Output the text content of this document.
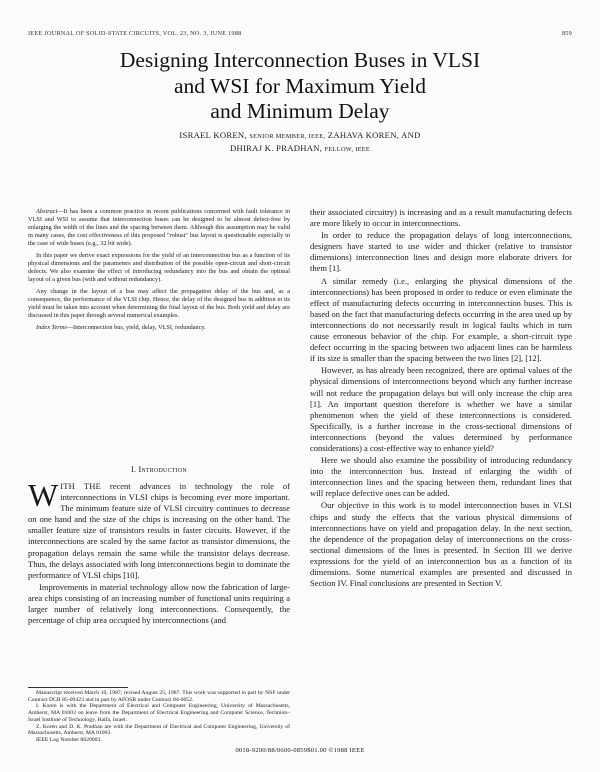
IEEE JOURNAL OF SOLID-STATE CIRCUITS, VOL. 23, NO. 3, JUNE 1988	859
Designing Interconnection Buses in VLSI
and WSI for Maximum Yield
and Minimum Delay
ISRAEL KOREN, SENIOR MEMBER, IEEE, ZAHAVA KOREN, AND
DHIRAJ K. PRADHAN, FELLOW, IEEE

Abstract—It has been a common practice in recent publications concerned with fault tolerance in VLSI and WSI to assume that interconnection buses can be designed to be almost defect-free by enlarging the width of the lines and the spacing between them. Although this assumption may be valid in many cases, the cost effectiveness of this proposed "robust" bus layout is questionable especially in the case of wide buses (e.g., 32 bit wide).

In this paper we derive exact expressions for the yield of an interconnection bus as a function of its physical dimensions and the parameters and distribution of the possible open-circuit and short-circuit defects. We also examine the effect of introducing redundancy into the bus and obtain the optimal layout of a given bus (with and without redundancy).

Any change in the layout of a bus may affect the propagation delay of the bus and, as a consequence, the performance of the VLSI chip. Hence, the delay of the designed bus in addition to its yield must be taken into account when determining the final layout of the bus. Both yield and delay are discussed in this paper through several numerical examples.

Index Terms—Interconnection bus, yield, delay, VLSI, redundancy.

I. Introduction

WITH THE recent advances in technology the role of interconnections in VLSI chips is becoming ever more important. The minimum feature size of VLSI circuitry continues to decrease on one hand and the size of the chips is increasing on the other hand. The smaller feature size of transistors results in faster circuits. However, if the interconnections are scaled by the same factor as transistor dimensions, the propagation delays remain the same while the transistor delays decrease. Thus, the delays associated with long interconnections begin to dominate the performance of VLSI chips [10].

Improvements in material technology allow now the fabrication of large-area chips consisting of an increasing number of functional units requiring a larger number of relatively long interconnections. Consequently, the percentage of chip area occupied by interconnections (and

Manuscript received March 10, 1987; revised August 25, 1987. This work was supported in part by NSF under Contract DCR 85-09423 and in part by AFOSR under Contract 84-0052.

I. Koren is with the Department of Electrical and Computer Engineering, University of Massachusetts, Amherst, MA 01003 on leave from the Department of Electrical Engineering and Computer Science, Technion–Israel Institute of Technology, Haifa, Israel.

Z. Koren and D. K. Pradhan are with the Department of Electrical and Computer Engineering, University of Massachusetts, Amherst, MA 01003.

IEEE Log Number 8820003.

their associated circuitry) is increasing and as a result manufacturing defects are more likely to occur in interconnections.

In order to reduce the propagation delays of long interconnections, designers have started to use wider and thicker (relative to transistor dimensions) interconnection lines and design more elaborate drivers for them [1].

A similar remedy (i.e., enlarging the physical dimensions of the interconnections) has been proposed in order to reduce or even eliminate the effect of manufacturing defects occurring in interconnection buses. This is based on the fact that manufacturing defects occurring in the area used up by interconnections do not necessarily result in logical faults which in turn cause erroneous behavior of the chip. For example, a short-circuit type defect occurring in the spacing between two adjacent lines can be harmless if its size is smaller than the spacing between the two lines [2], [12].

However, as has already been recognized, there are optimal values of the physical dimensions of interconnections beyond which any further increase will not reduce the propagation delays but will only increase the chip area [1]. An important question therefore is whether we have a similar phenomenon when the yield of these interconnections is considered. Specifically, is a further increase in the cross-sectional dimensions of interconnections (beyond the values determined by performance considerations) a cost-effective way to enhance yield?

Here we should also examine the possibility of introducing redundancy into the interconnection bus. Instead of enlarging the width of interconnection lines and the spacing between them, redundant lines that will replace defective ones can be added.

Our objective in this work is to model interconnection buses in VLSI chips and study the effects that the various physical dimensions of interconnections have on yield and propagation delay. In the next section, the dependence of the propagation delay of interconnections on the cross-sectional dimensions of the lines is presented. In Section III we derive expressions for the yield of an interconnection bus as a function of its dimensions. Some numerical examples are presented and discussed in Section IV. Final conclusions are presented in Section V.

0018-9200/88/0600-0859$01.00 ©1988 IEEE
